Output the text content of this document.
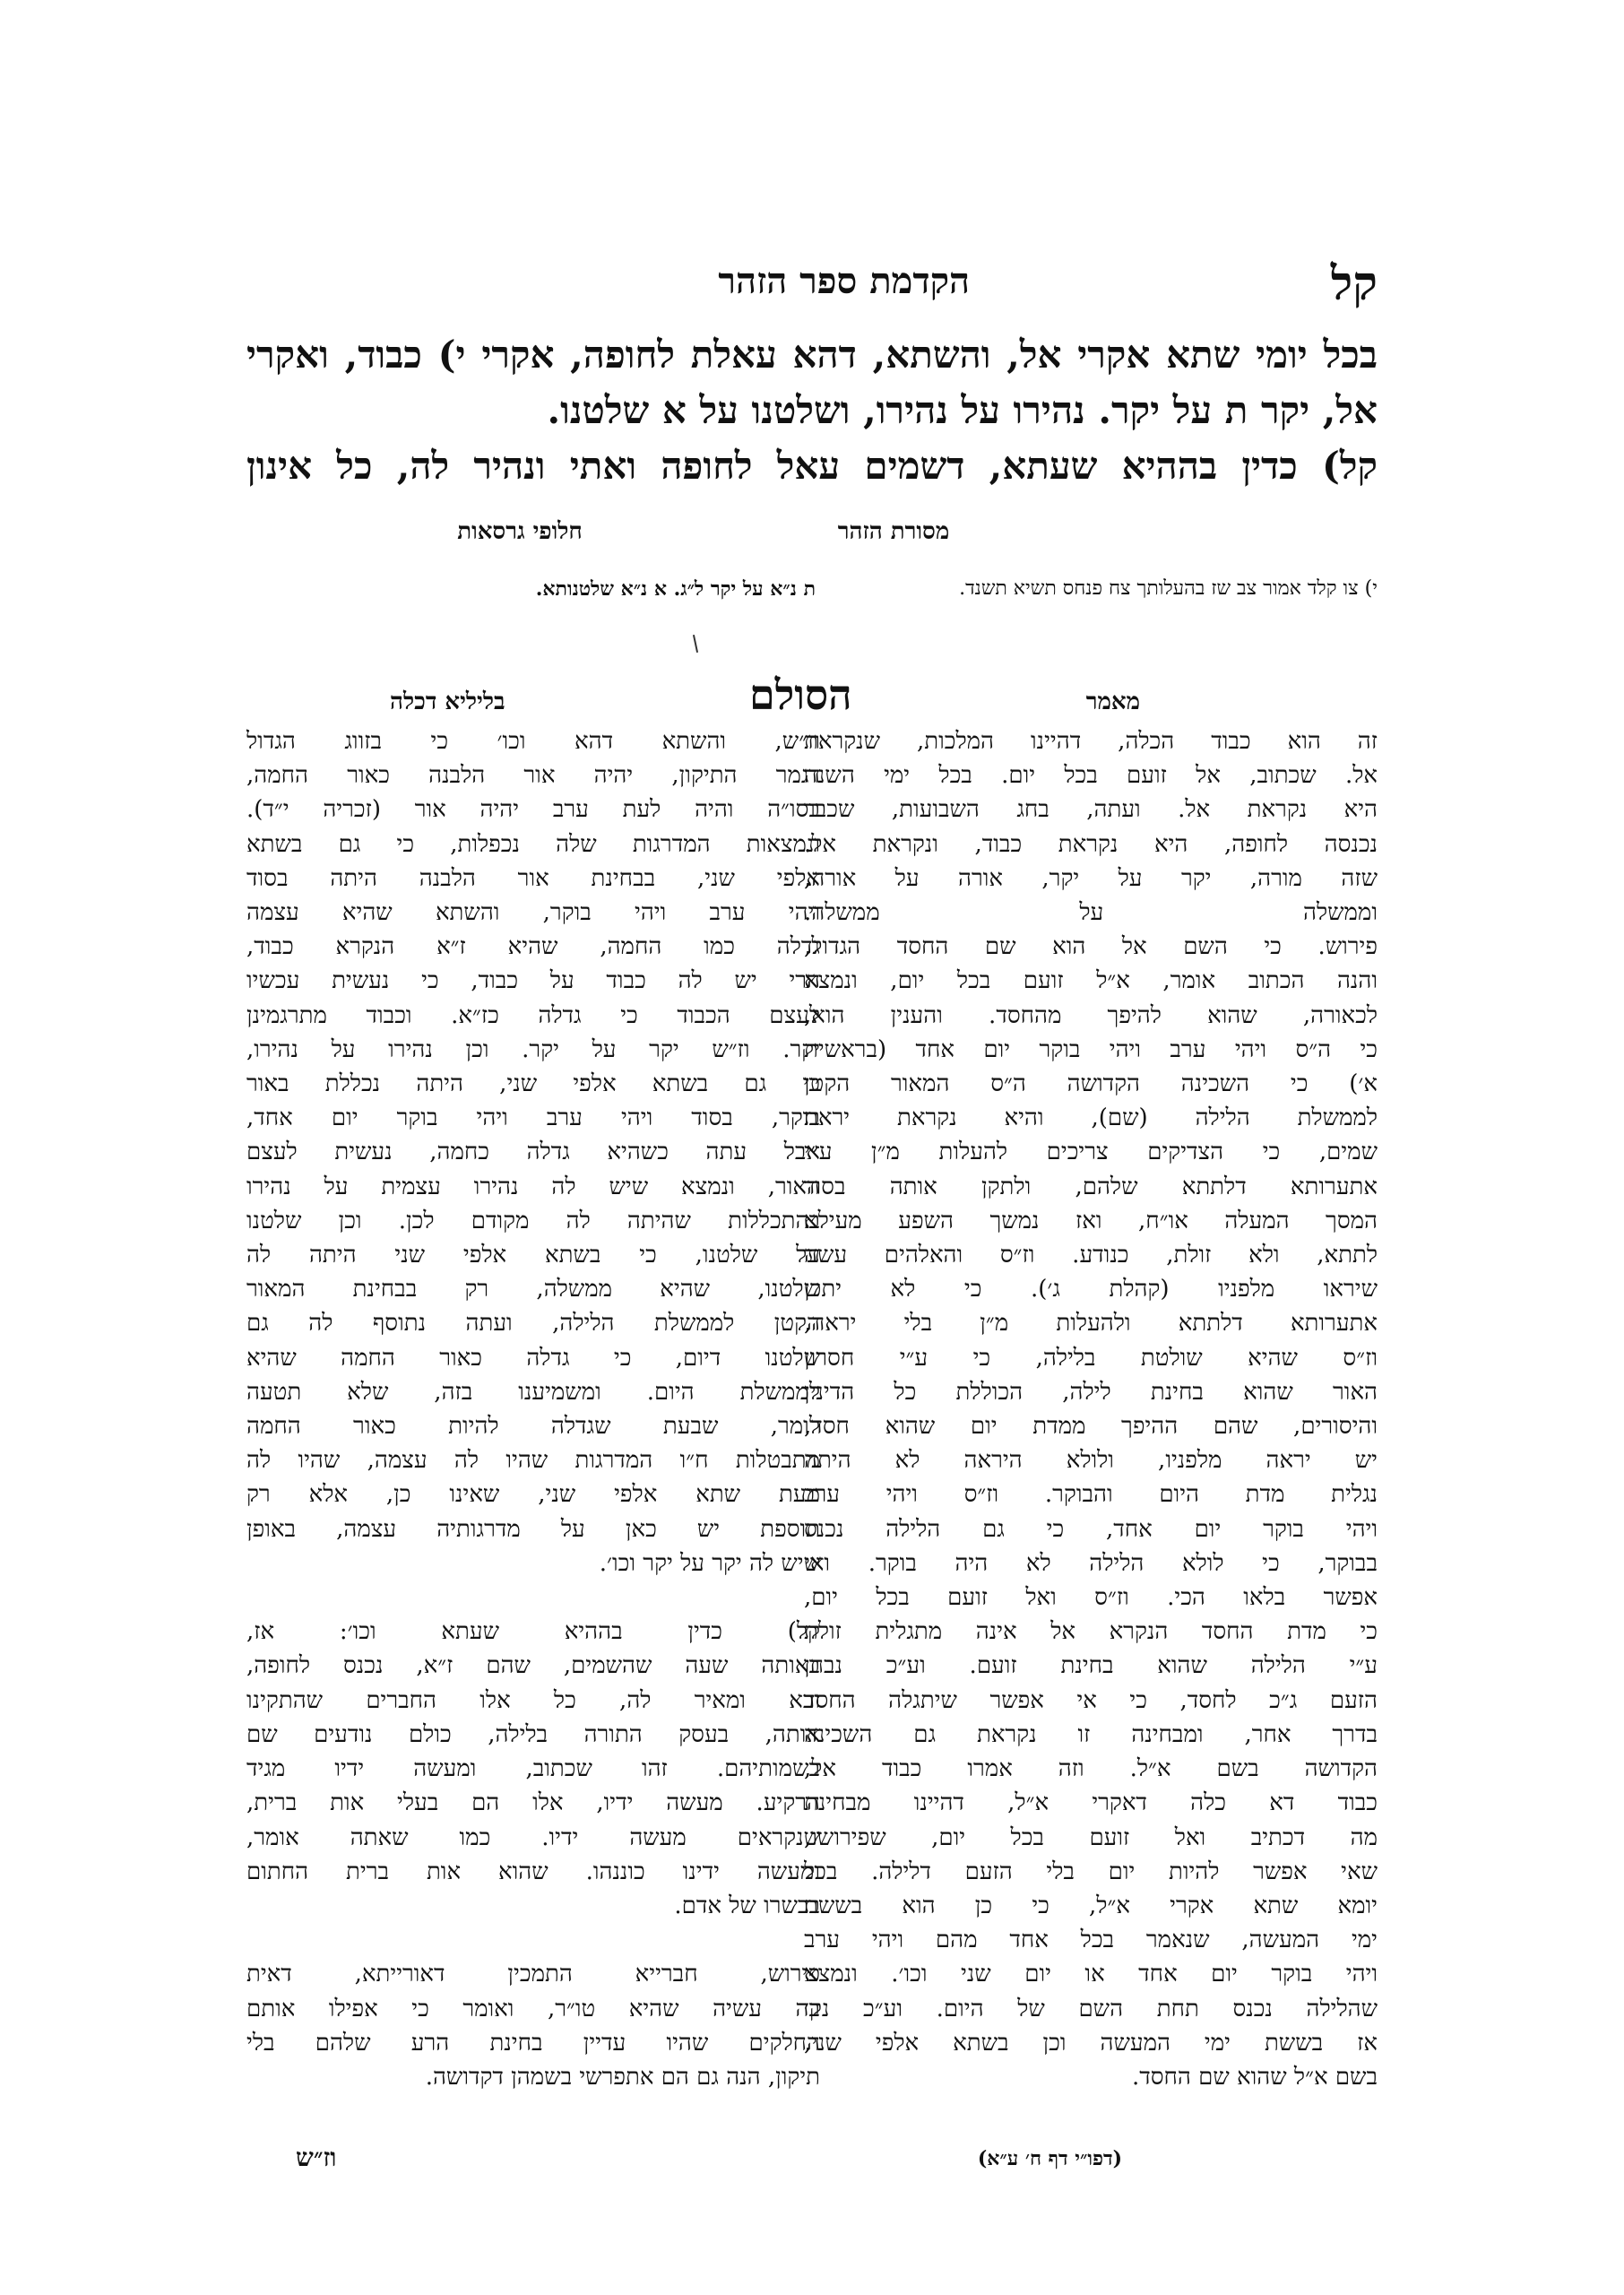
קל
הקדמת ספר הזהר
בכל יומי שתא אקרי אל, והשתא, דהא עאלת לחופה, אקרי י) כבוד, ואקרי
אל, יקר ת על יקר. נהירו על נהירו, ושלטנו על א שלטנו.
קל) כדין בההיא שעתא, דשמים עאל לחופה ואתי ונהיר לה, כל אינון
מסורת הזהר
חלופי גרסאות
י) צו קלד אמור צב שז בהעלותך צח פנחס תשיא תשנד.
ת נ״א על יקר ל״ג. א נ״א שלטנותא.
מאמר
הסולם
בליליא דכלה
זה הוא כבוד הכלה, דהיינו המלכות, שנקראת
אל. שכתוב, אל זועם בכל יום. בכל ימי השנה
היא נקראת אל. ועתה, בחג השבועות, שכבר
נכנסה לחופה, היא נקראת כבוד, ונקראת אל.
שזה מורה, יקר על יקר, אורה על אורה,
וממשלה על ממשלה.
פירוש. כי השם אל הוא שם החסד הגדול,
והנה הכתוב אומר, א״ל זועם בכל יום, ונמצא
לכאורה, שהוא להיפך מהחסד. והענין הוא,
כי ה״ס ויהי ערב ויהי בוקר יום אחד (בראשית
א׳) כי השכינה הקדושה ה״ס המאור הקטן
לממשלת הלילה (שם), והיא נקראת יראת
שמים, כי הצדיקים צריכים להעלות מ״ן ע״י
אתערותא דלתתא שלהם, ולתקן אותה בסוד
המסך המעלה או״ח, ואז נמשך השפע מעילא
לתתא, ולא זולת, כנודע. וז״ס והאלהים עשה
שיראו מלפניו (קהלת ג׳). כי לא יתכן
אתערותא דלתתא ולהעלות מ״ן בלי יראה,
וז״ס שהיא שולטת בלילה, כי ע״י חסרון
האור שהוא בחינת לילה, הכוללת כל הדינין
והיסורים, שהם ההיפך ממדת יום שהוא חסד,
יש יראה מלפניו, ולולא היראה לא היתה
נגלית מדת היום והבוקר. וז״ס ויהי ערב
ויהי בוקר יום אחד, כי גם הלילה נכנס
בבוקר, כי לולא הלילה לא היה בוקר. ואי
אפשר בלאו הכי. וז״ס ואל זועם בכל יום,
כי מדת החסד הנקרא אל אינה מתגלית זולת
ע״י הלילה שהוא בחינת זועם. וע״כ נבחן
הזעם ג״כ לחסד, כי אי אפשר שיתגלה החסד
בדרך אחר, ומבחינה זו נקראת גם השכינה
הקדושה בשם א״ל. וזה אמרו כבוד אל,
כבוד דא כלה דאקרי א״ל, דהיינו מבחינת
מה דכתיב ואל זועם בכל יום, שפירושו,
שאי אפשר להיות יום בלי הזעם דלילה. בכל
יומא שתא אקרי א״ל, כי כן הוא בששת
ימי המעשה, שנאמר בכל אחד מהם ויהי ערב
ויהי בוקר יום אחד או יום שני וכו׳. ונמצא
שהלילה נכנס תחת השם של היום. וע״כ נק׳
אז בששת ימי המעשה וכן בשתא אלפי שני,
בשם א״ל שהוא שם החסד.
וז״ש, והשתא דהא וכו׳ כי בזווג הגדול
דגמר התיקון, יהיה אור הלבנה כאור החמה,
בסו״ה והיה לעת ערב יהיה אור (זכריה י״ד).
ונמצאות המדרגות שלה נכפלות, כי גם בשתא
אלפי שני, בבחינת אור הלבנה היתה בסוד
ויהי ערב ויהי בוקר, והשתא שהיא עצמה
גדלה כמו החמה, שהיא ז״א הנקרא כבוד,
הרי יש לה כבוד על כבוד, כי נעשית עכשיו
לעצם הכבוד כי גדלה כז״א. וכבוד מתרגמינן
יקר. וז״ש יקר על יקר. וכן נהירו על נהירו,
כי גם בשתא אלפי שני, היתה נכללת באור
בוקר, בסוד ויהי ערב ויהי בוקר יום אחד,
אבל עתה כשהיא גדלה כחמה, נעשית לעצם
האור, ונמצא שיש לה נהירו עצמית על נהירו
בהתכללות שהיתה לה מקודם לכן. וכן שלטנו
על שלטנו, כי בשתא אלפי שני היתה לה
שלטנו, שהיא ממשלה, רק בבחינת המאור
הקטן לממשלת הלילה, ועתה נתוסף לה גם
שלטנו דיום, כי גדלה כאור החמה שהיא
לממשלת היום. ומשמיענו בזה, שלא תטעה
לומר, שבעת שגדלה להיות כאור החמה
מתבטלות ח״ו המדרגות שהיו לה עצמה, שהיו לה
מעת שתא אלפי שני, שאינו כן, אלא רק
תוספת יש כאן על מדרגותיה עצמה, באופן
שיש לה יקר על יקר וכו׳.

קל) כדין בההיא שעתא וכו׳: אז,
באותה שעה שהשמים, שהם ז״א, נכנס לחופה,
ובא ומאיר לה, כל אלו החברים שהתקינו
אותה, בעסק התורה בלילה, כולם נודעים שם
בשמותיהם. זהו שכתוב, ומעשה ידיו מגיד
הרקיע. מעשה ידיו, אלו הם בעלי אות ברית,
שנקראים מעשה ידיו. כמו שאתה אומר,
ומעשה ידינו כוננהו. שהוא אות ברית החתום
בבשרו של אדם.

פירוש, חברייא התמכין דאורייתא, דאית
בה עשיה שהיא טו״ר, ואומר כי אפילו אותם
החלקים שהיו עדיין בחינת הרע שלהם בלי
תיקון, הנה גם הם אתפרשי בשמהן דקדושה.
(דפו״י דף ח׳ ע״א)
וז״ש
